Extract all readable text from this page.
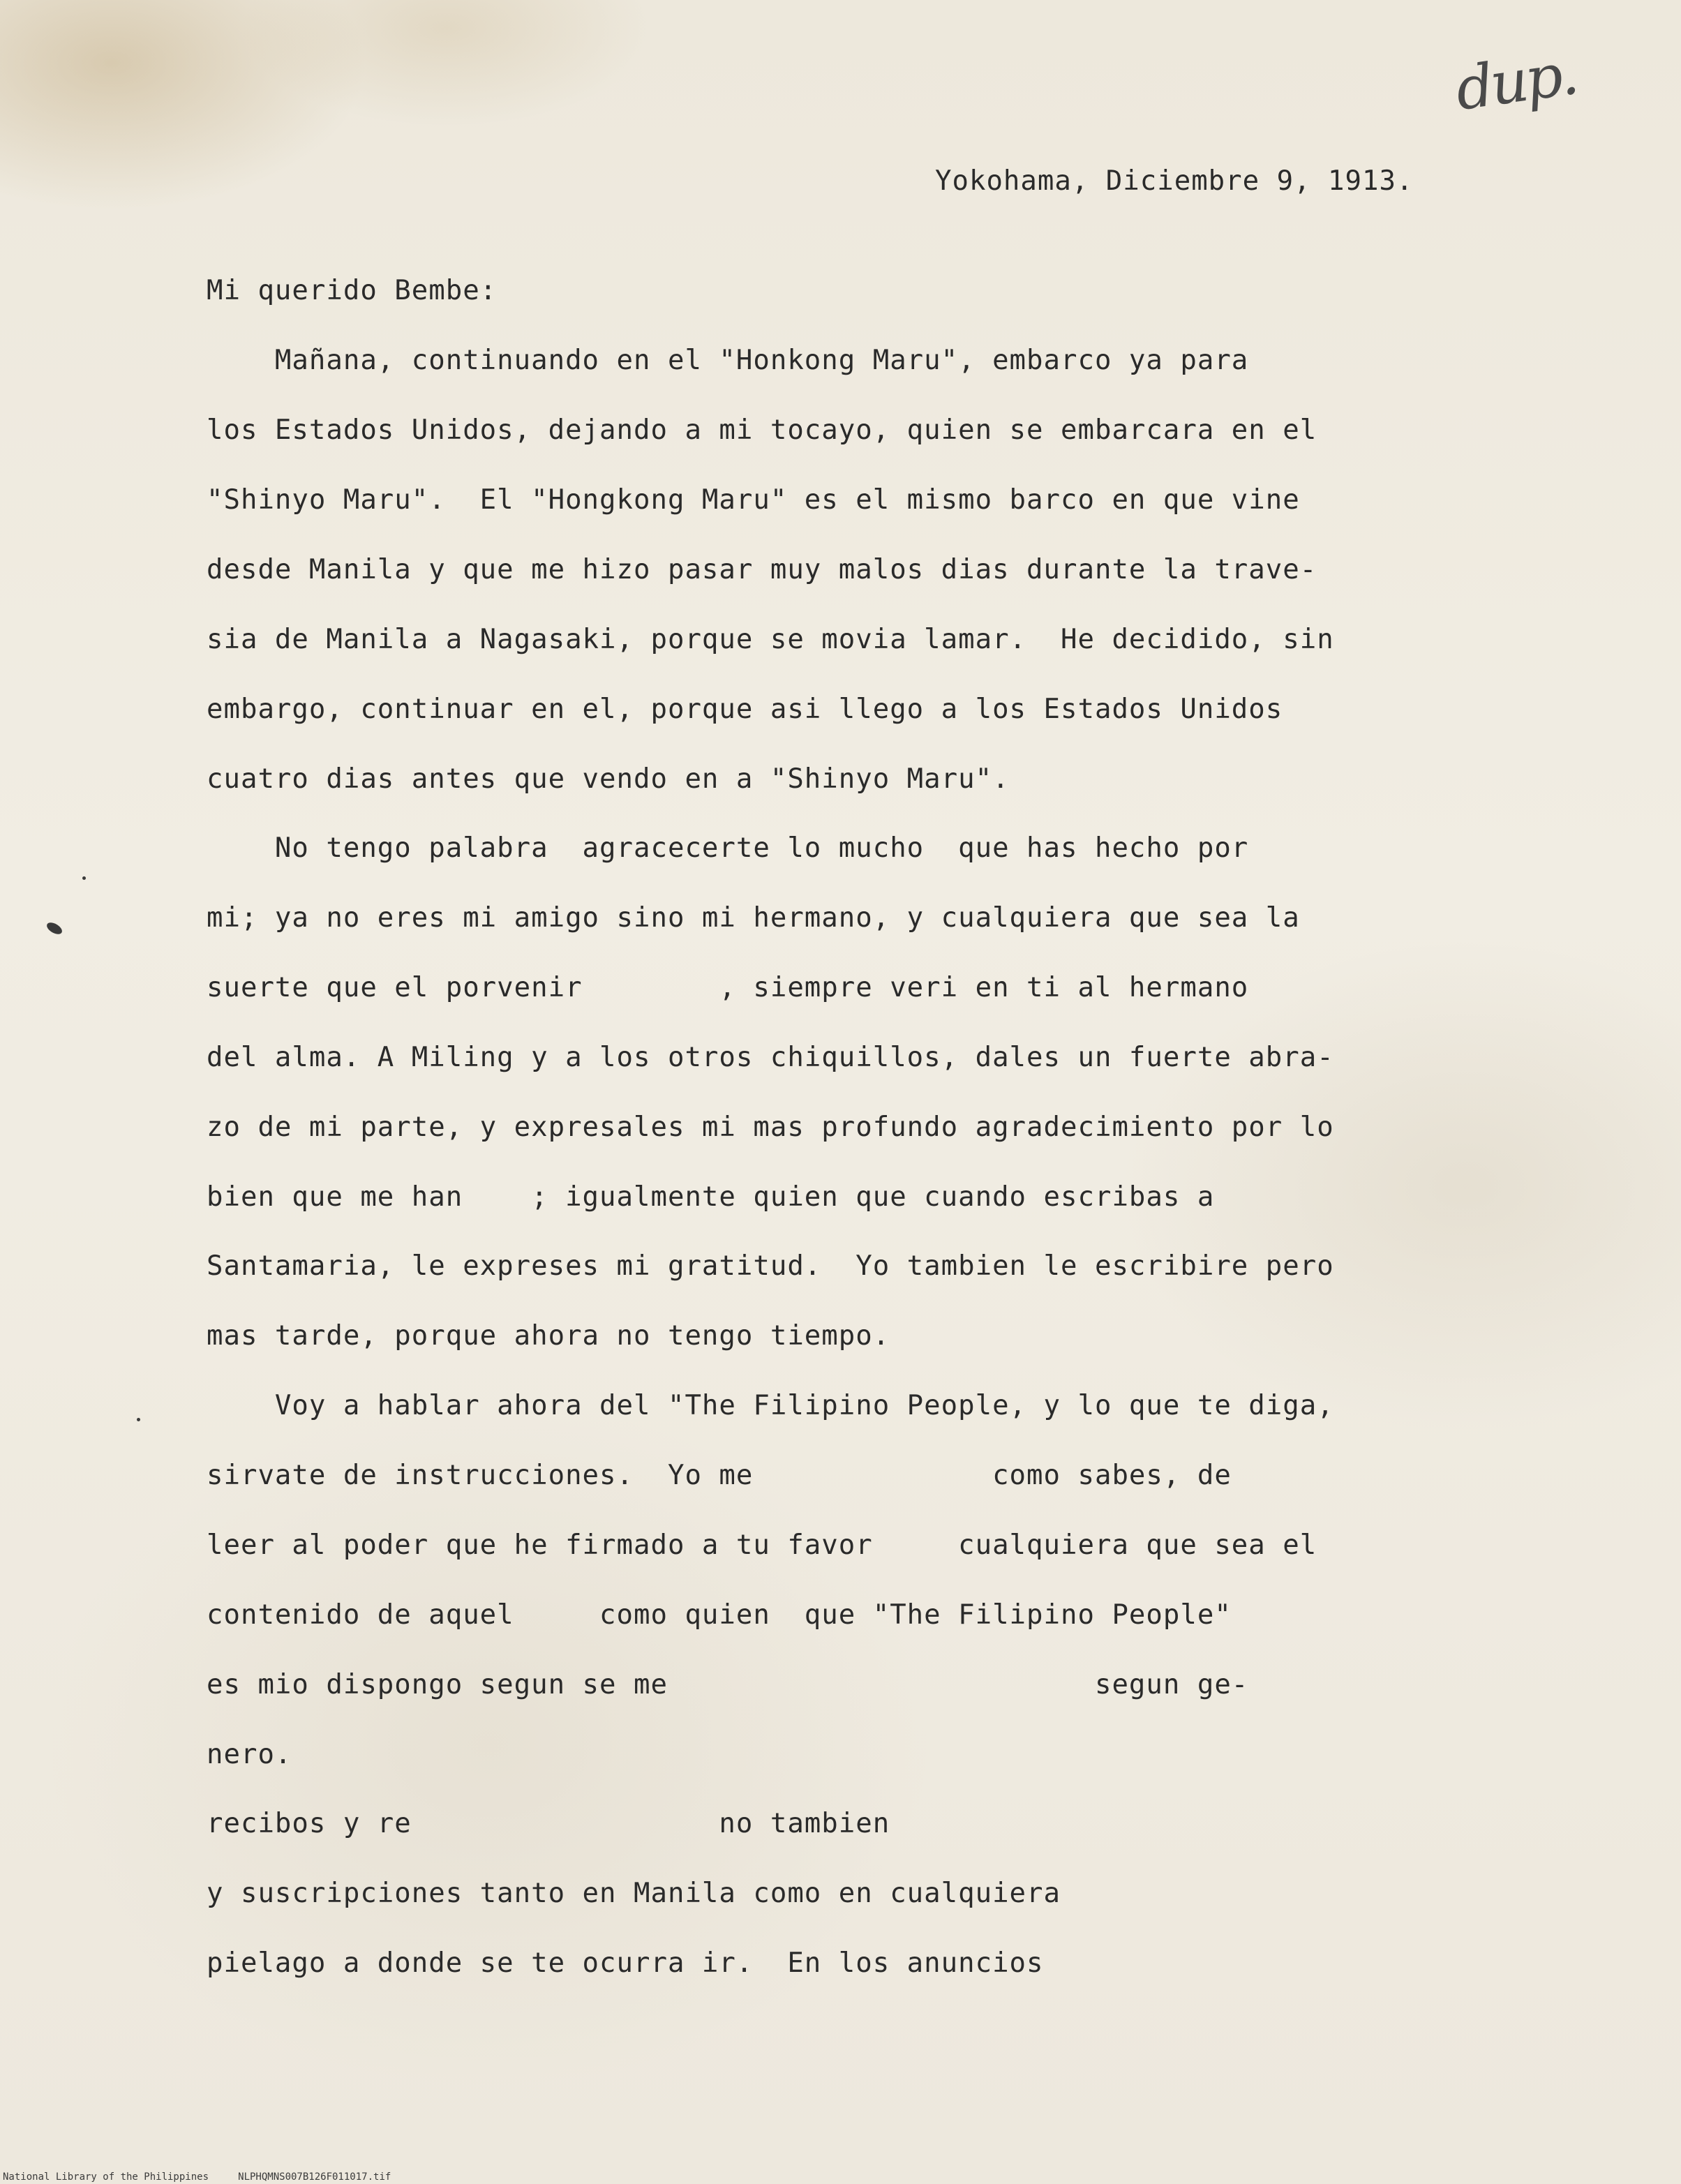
dup.
Yokohama, Diciembre 9, 1913.
Mi querido Bembe:
Mañana, continuando en el "Honkong Maru", embarco ya para
los Estados Unidos, dejando a mi tocayo, quien se embarcara en el
"Shinyo Maru".  El "Hongkong Maru" es el mismo barco en que vine
desde Manila y que me hizo pasar muy malos dias durante la trave-
sia de Manila a Nagasaki, porque se movia lamar.  He decidido, sin
embargo, continuar en el, porque asi llego a los Estados Unidos
cuatro dias antes que vendo en a "Shinyo Maru".
No tengo palabra  agracecerte lo mucho  que has hecho por
mi; ya no eres mi amigo sino mi hermano, y cualquiera que sea la
suerte que el porvenir        , siempre veri en ti al hermano
del alma. A Miling y a los otros chiquillos, dales un fuerte abra-
zo de mi parte, y expresales mi mas profundo agradecimiento por lo
bien que me han    ; igualmente quien que cuando escribas a
Santamaria, le expreses mi gratitud.  Yo tambien le escribire pero
mas tarde, porque ahora no tengo tiempo.
Voy a hablar ahora del "The Filipino People, y lo que te diga,
sirvate de instrucciones.  Yo me              como sabes, de
leer al poder que he firmado a tu favor     cualquiera que sea el
contenido de aquel     como quien  que "The Filipino People"
es mio dispongo segun se me                         segun ge-
nero.
recibos y re                  no tambien
y suscripciones tanto en Manila como en cualquiera
pielago a donde se te ocurra ir.  En los anuncios
National Library of the Philippines     NLPHQMNS007B126F011017.tif
